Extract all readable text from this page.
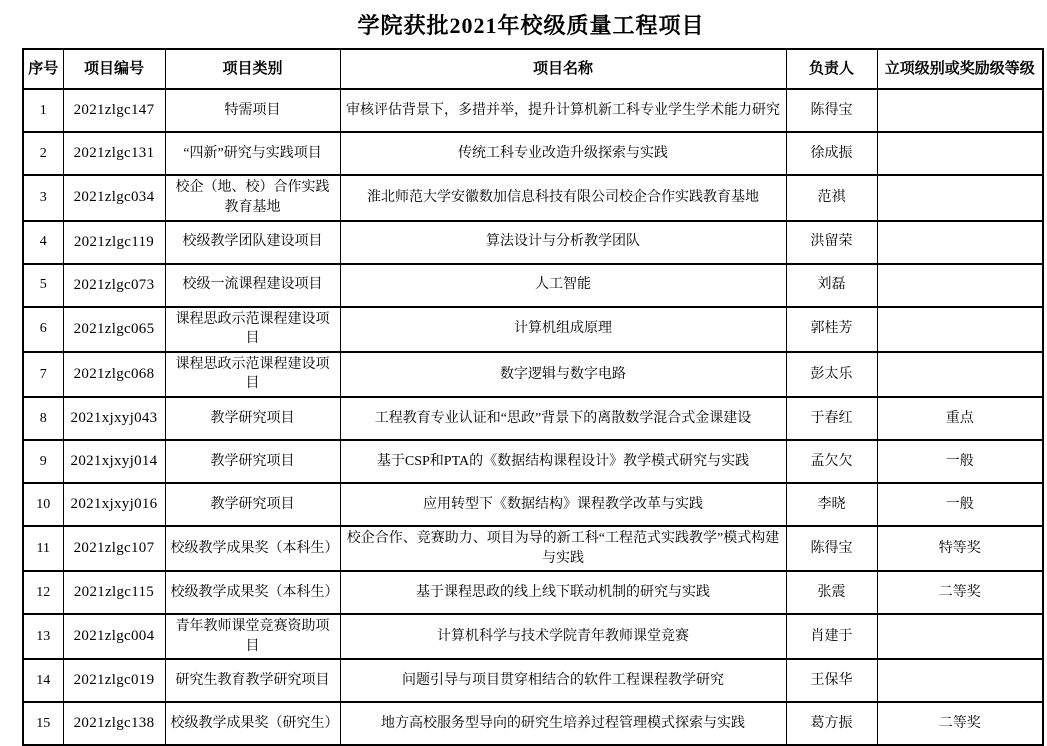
学院获批2021年校级质量工程项目
序号	项目编号	项目类别	项目名称	负责人	立项级别或奖励级等级
1	2021zlgc147	特需项目	审核评估背景下，多措并举，提升计算机新工科专业学生学术能力研究	陈得宝	
2	2021zlgc131	“四新”研究与实践项目	传统工科专业改造升级探索与实践	徐成振	
3	2021zlgc034	校企（地、校）合作实践教育基地	淮北师范大学安徽数加信息科技有限公司校企合作实践教育基地	范祺	
4	2021zlgc119	校级教学团队建设项目	算法设计与分析教学团队	洪留荣	
5	2021zlgc073	校级一流课程建设项目	人工智能	刘磊	
6	2021zlgc065	课程思政示范课程建设项目	计算机组成原理	郭桂芳	
7	2021zlgc068	课程思政示范课程建设项目	数字逻辑与数字电路	彭太乐	
8	2021xjxyj043	教学研究项目	工程教育专业认证和“思政”背景下的离散数学混合式金课建设	于春红	重点
9	2021xjxyj014	教学研究项目	基于CSP和PTA的《数据结构课程设计》教学模式研究与实践	孟欠欠	一般
10	2021xjxyj016	教学研究项目	应用转型下《数据结构》课程教学改革与实践	李晓	一般
11	2021zlgc107	校级教学成果奖（本科生）	校企合作、竞赛助力、项目为导的新工科“工程范式实践教学”模式构建与实践	陈得宝	特等奖
12	2021zlgc115	校级教学成果奖（本科生）	基于课程思政的线上线下联动机制的研究与实践	张震	二等奖
13	2021zlgc004	青年教师课堂竞赛资助项目	计算机科学与技术学院青年教师课堂竞赛	肖建于	
14	2021zlgc019	研究生教育教学研究项目	问题引导与项目贯穿相结合的软件工程课程教学研究	王保华	
15	2021zlgc138	校级教学成果奖（研究生）	地方高校服务型导向的研究生培养过程管理模式探索与实践	葛方振	二等奖
